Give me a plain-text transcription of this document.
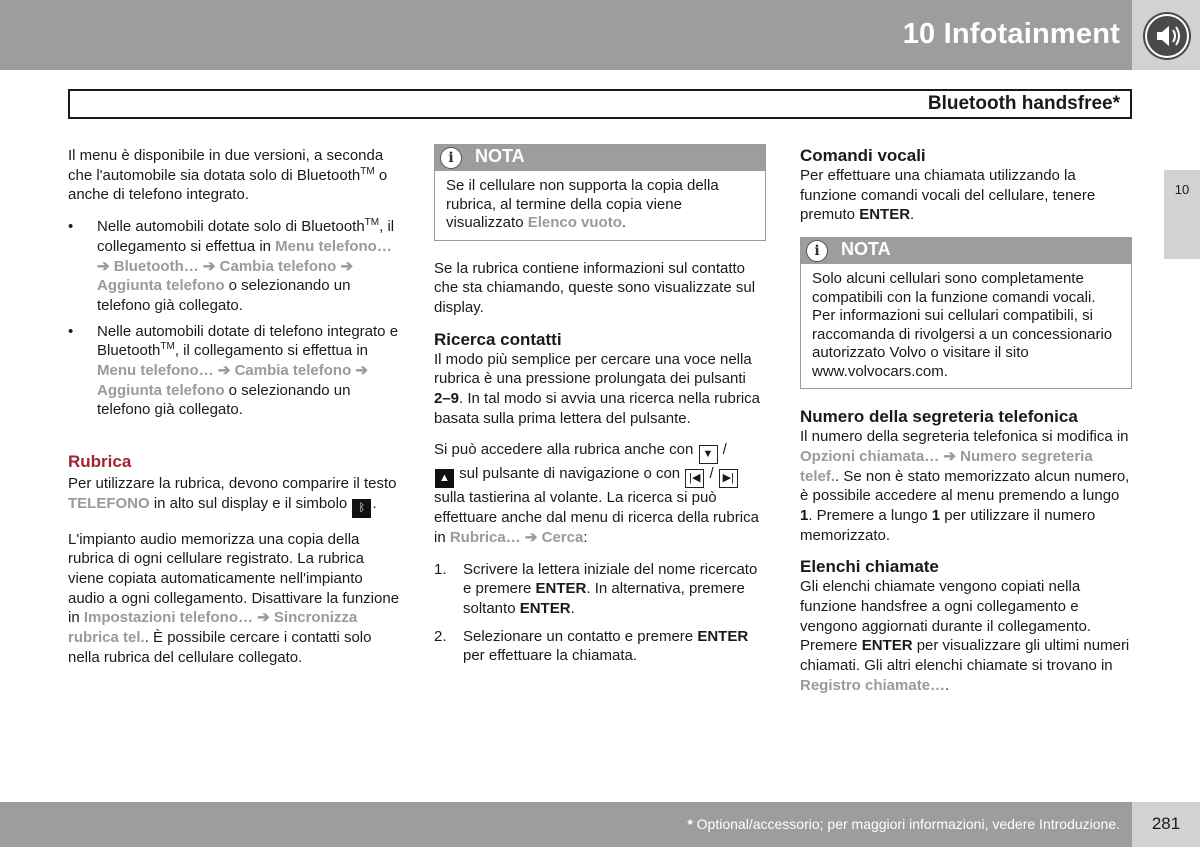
10 Infotainment
Bluetooth handsfree*
10

Il menu è disponibile in due versioni, a seconda che l'automobile sia dotata solo di Bluetooth™ o anche di telefono integrato.

• Nelle automobili dotate solo di Bluetooth™, il collegamento si effettua in Menu telefono… ➔ Bluetooth… ➔ Cambia telefono ➔ Aggiunta telefono o selezionando un telefono già collegato.
• Nelle automobili dotate di telefono integrato e Bluetooth™, il collegamento si effettua in Menu telefono… ➔ Cambia telefono ➔ Aggiunta telefono o selezionando un telefono già collegato.
Rubrica

Per utilizzare la rubrica, devono comparire il testo TELEFONO in alto sul display e il simbolo ᛒ .

L'impianto audio memorizza una copia della rubrica di ogni cellulare registrato. La rubrica viene copiata automaticamente nell'impianto audio a ogni collegamento. Disattivare la funzione in Impostazioni telefono… ➔ Sincronizza rubrica tel.. È possibile cercare i contatti solo nella rubrica del cellulare collegato.

i	NOTA
Se il cellulare non supporta la copia della rubrica, al termine della copia viene visualizzato Elenco vuoto.

Se la rubrica contiene informazioni sul contatto che sta chiamando, queste sono visualizzate sul display.

Ricerca contatti

Il modo più semplice per cercare una voce nella rubrica è una pressione prolungata dei pulsanti 2–9. In tal modo si avvia una ricerca nella rubrica basata sulla prima lettera del pulsante.

Si può accedere alla rubrica anche con ▼ /
▲ sul pulsante di navigazione o con |◀ / ▶| sulla tastierina al volante. La ricerca si può effettuare anche dal menu di ricerca della rubrica in Rubrica… ➔ Cerca:

1. Scrivere la lettera iniziale del nome ricercato e premere ENTER. In alternativa, premere soltanto ENTER.
2. Selezionare un contatto e premere ENTER per effettuare la chiamata.
Comandi vocali

Per effettuare una chiamata utilizzando la funzione comandi vocali del cellulare, tenere premuto ENTER.

i	NOTA
Solo alcuni cellulari sono completamente compatibili con la funzione comandi vocali. Per informazioni sui cellulari compatibili, si raccomanda di rivolgersi a un concessionario autorizzato Volvo o visitare il sito www.volvocars.com.
Numero della segreteria telefonica

Il numero della segreteria telefonica si modifica in Opzioni chiamata… ➔ Numero segreteria telef.. Se non è stato memorizzato alcun numero, è possibile accedere al menu premendo a lungo 1. Premere a lungo 1 per utilizzare il numero memorizzato.

Elenchi chiamate

Gli elenchi chiamate vengono copiati nella funzione handsfree a ogni collegamento e vengono aggiornati durante il collegamento. Premere ENTER per visualizzare gli ultimi numeri chiamati. Gli altri elenchi chiamate si trovano in Registro chiamate….

* Optional/accessorio; per maggiori informazioni, vedere Introduzione.	281
